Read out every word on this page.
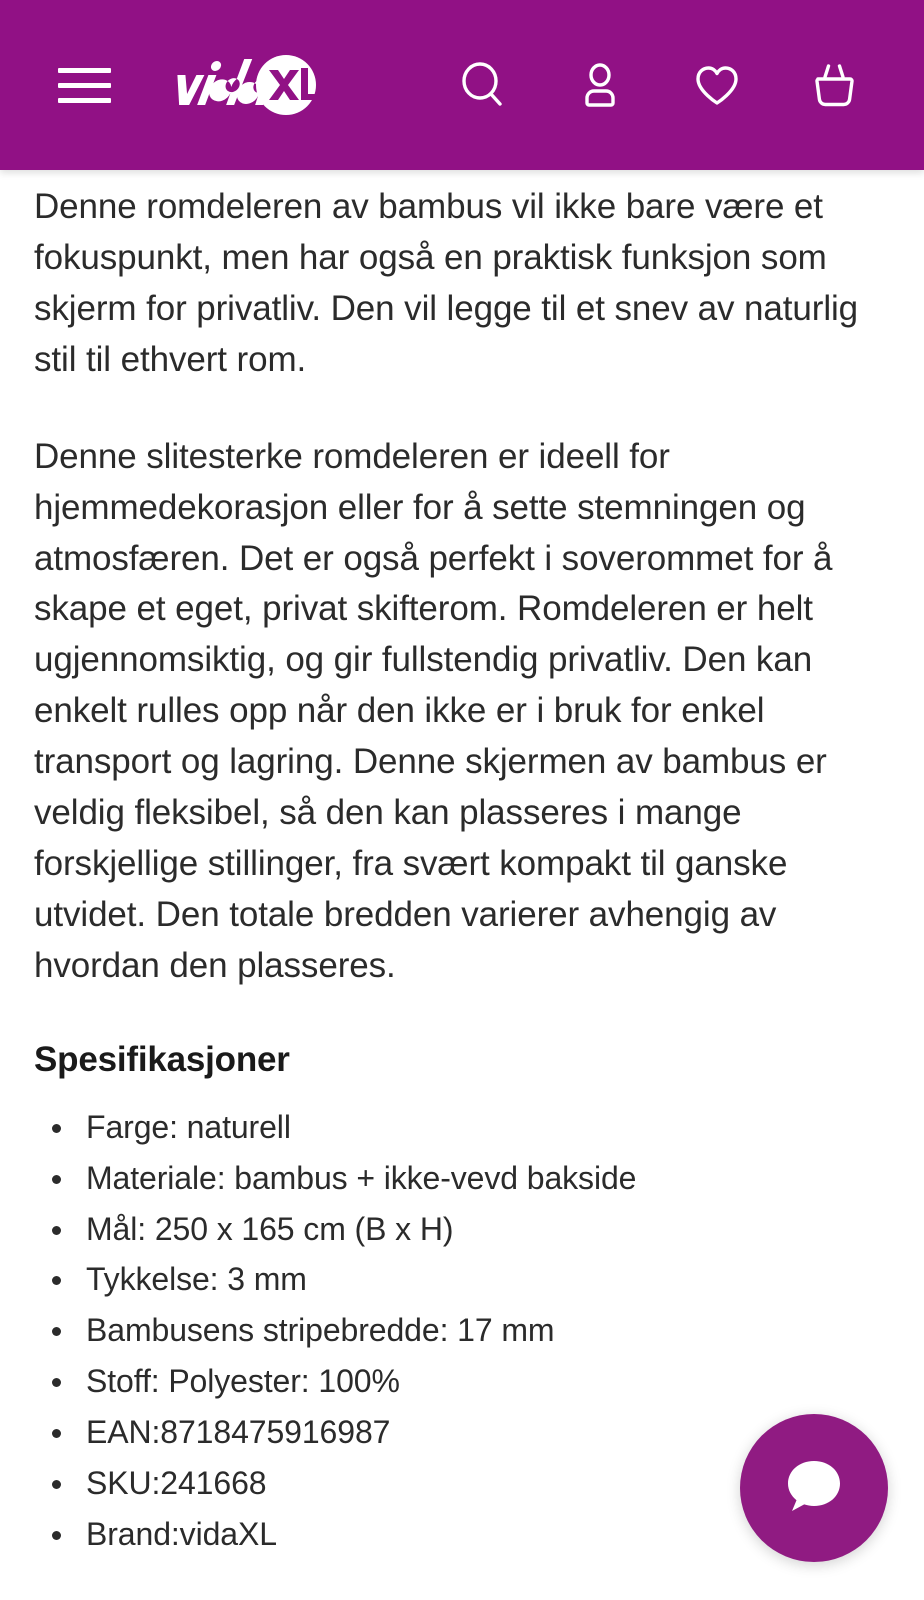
Denne romdeleren av bambus vil ikke bare være et fokuspunkt, men har også en praktisk funksjon som skjerm for privatliv. Den vil legge til et snev av naturlig stil til ethvert rom.

Denne slitesterke romdeleren er ideell for hjemmedekorasjon eller for å sette stemningen og atmosfæren. Det er også perfekt i soverommet for å skape et eget, privat skifterom. Romdeleren er helt ugjennomsiktig, og gir fullstendig privatliv. Den kan enkelt rulles opp når den ikke er i bruk for enkel transport og lagring. Denne skjermen av bambus er veldig fleksibel, så den kan plasseres i mange forskjellige stillinger, fra svært kompakt til ganske utvidet. Den totale bredden varierer avhengig av hvordan den plasseres.

Spesifikasjoner
Farge: naturell
Materiale: bambus + ikke-vevd bakside
Mål: 250 x 165 cm (B x H)
Tykkelse: 3 mm
Bambusens stripebredde: 17 mm
Stoff: Polyester: 100%
EAN:8718475916987
SKU:241668
Brand:vidaXL
